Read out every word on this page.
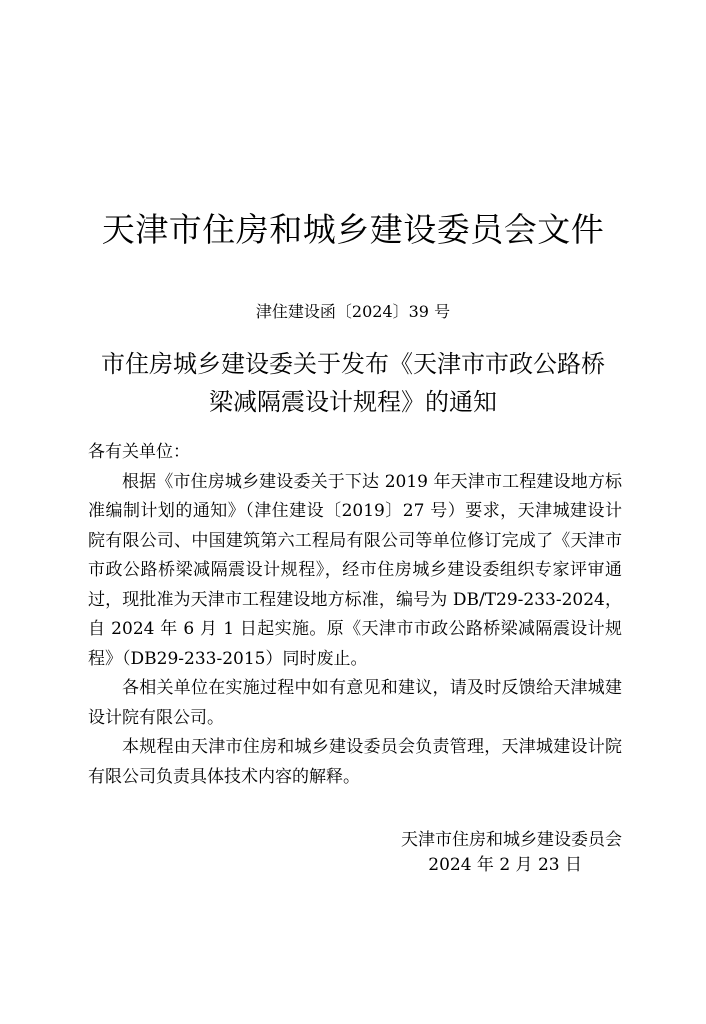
天津市住房和城乡建设委员会文件
津住建设函〔2024〕39 号
市住房城乡建设委关于发布《天津市市政公路桥
梁减隔震设计规程》的通知

各有关单位：

根据《市住房城乡建设委关于下达 2019 年天津市工程建设地方标准编制计划的通知》（津住建设〔2019〕27 号）要求，天津城建设计院有限公司、中国建筑第六工程局有限公司等单位修订完成了《天津市市政公路桥梁减隔震设计规程》，经市住房城乡建设委组织专家评审通过，现批准为天津市工程建设地方标准，编号为 DB/T29-233-2024，自 2024 年 6 月 1 日起实施。原《天津市市政公路桥梁减隔震设计规程》（DB29-233-2015）同时废止。

各相关单位在实施过程中如有意见和建议，请及时反馈给天津城建设计院有限公司。

本规程由天津市住房和城乡建设委员会负责管理，天津城建设计院有限公司负责具体技术内容的解释。

天津市住房和城乡建设委员会
2024 年 2 月 23 日
